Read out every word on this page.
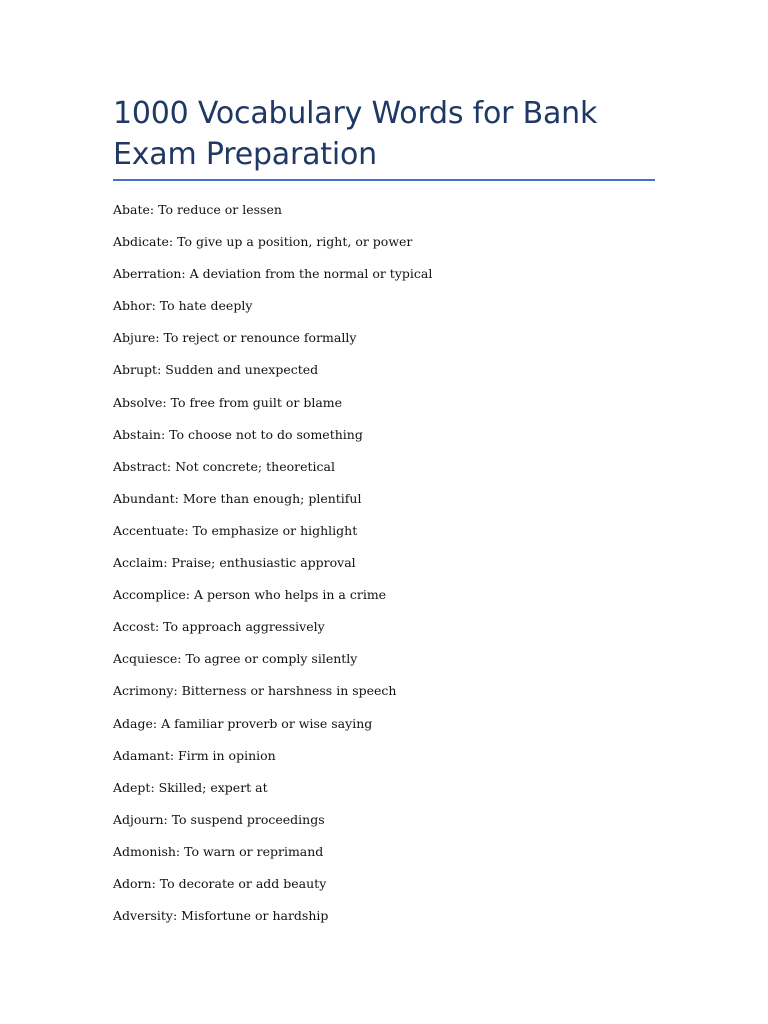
1000 Vocabulary Words for Bank Exam Preparation
Abate: To reduce or lessen
Abdicate: To give up a position, right, or power
Aberration: A deviation from the normal or typical
Abhor: To hate deeply
Abjure: To reject or renounce formally
Abrupt: Sudden and unexpected
Absolve: To free from guilt or blame
Abstain: To choose not to do something
Abstract: Not concrete; theoretical
Abundant: More than enough; plentiful
Accentuate: To emphasize or highlight
Acclaim: Praise; enthusiastic approval
Accomplice: A person who helps in a crime
Accost: To approach aggressively
Acquiesce: To agree or comply silently
Acrimony: Bitterness or harshness in speech
Adage: A familiar proverb or wise saying
Adamant: Firm in opinion
Adept: Skilled; expert at
Adjourn: To suspend proceedings
Admonish: To warn or reprimand
Adorn: To decorate or add beauty
Adversity: Misfortune or hardship
